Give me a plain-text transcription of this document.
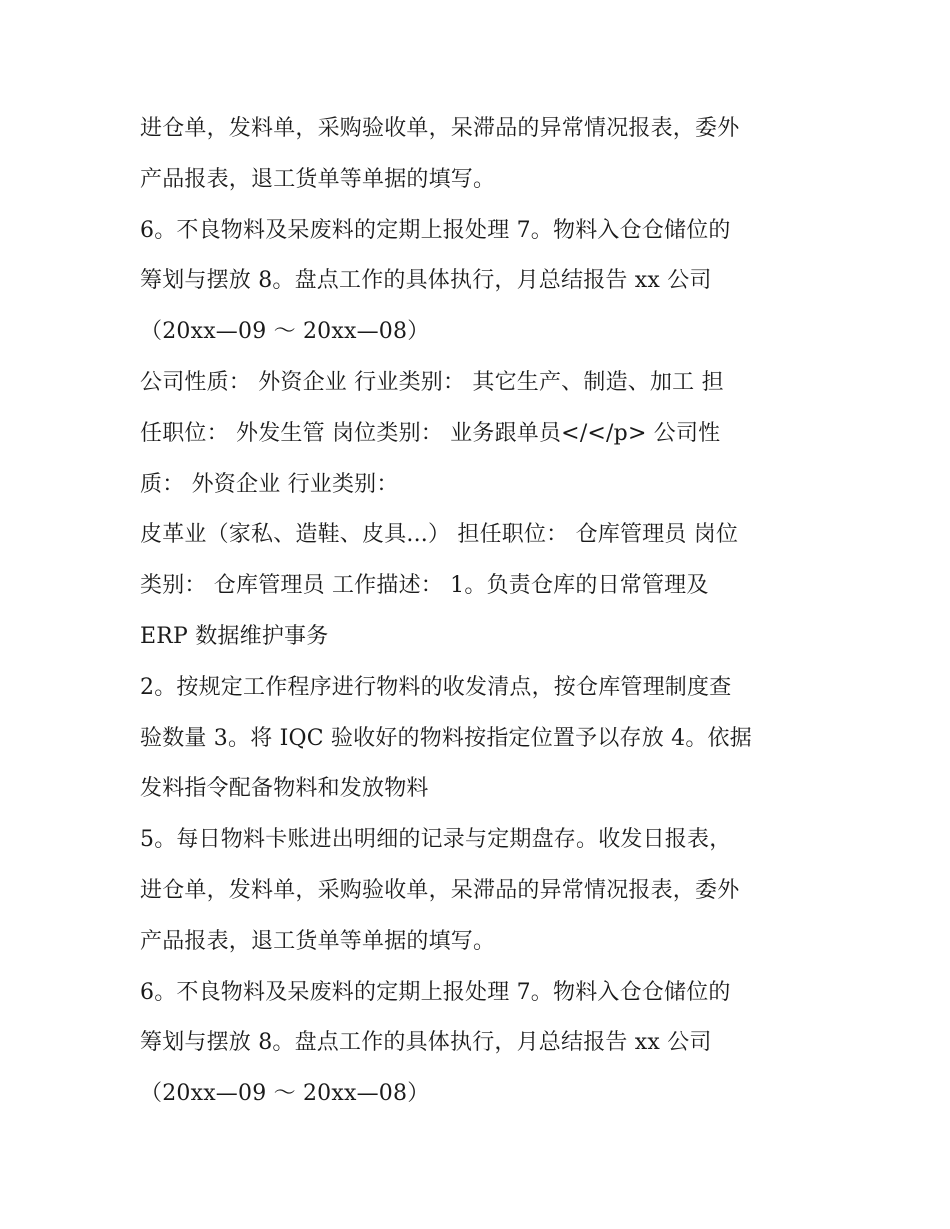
进仓单，发料单，采购验收单，呆滞品的异常情况报表，委外
产品报表，退工货单等单据的填写。
6。不良物料及呆废料的定期上报处理 7。物料入仓仓储位的
筹划与摆放 8。盘点工作的具体执行，月总结报告 xx 公司
（20xx—09 ～ 20xx—08）
公司性质： 外资企业 行业类别： 其它生产、制造、加工 担
任职位： 外发生管 岗位类别： 业务跟单员</</p> 公司性
质： 外资企业 行业类别：
皮革业（家私、造鞋、皮具...） 担任职位： 仓库管理员 岗位
类别： 仓库管理员 工作描述： 1。负责仓库的日常管理及
ERP 数据维护事务
2。按规定工作程序进行物料的收发清点，按仓库管理制度查
验数量 3。将 IQC 验收好的物料按指定位置予以存放 4。依据
发料指令配备物料和发放物料
5。每日物料卡账进出明细的记录与定期盘存。收发日报表，
进仓单，发料单，采购验收单，呆滞品的异常情况报表，委外
产品报表，退工货单等单据的填写。
6。不良物料及呆废料的定期上报处理 7。物料入仓仓储位的
筹划与摆放 8。盘点工作的具体执行，月总结报告 xx 公司
（20xx—09 ～ 20xx—08）
